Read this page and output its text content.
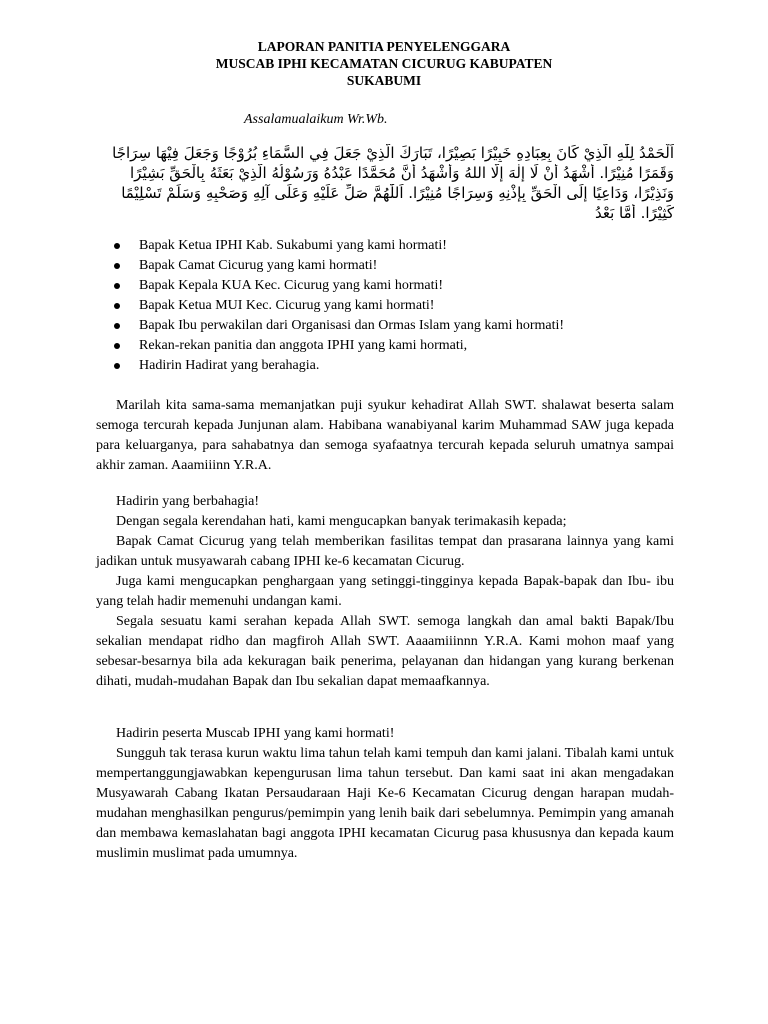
LAPORAN PANITIA PENYELENGGARA
MUSCAB IPHI KECAMATAN CICURUG KABUPATEN
SUKABUMI
Assalamualaikum Wr.Wb.
اَلْحَمْدُ لِلّٰهِ الَّذِيْ كَانَ بِعِبَادِهِ خَبِيْرًا بَصِيْرًا، تَبَارَكَ الَّذِيْ جَعَلَ فِي السَّمَاءِ بُرُوْجًا وَجَعَلَ فِيْهَا سِرَاجًا
وَقَمَرًا مُنِيْرًا. أَشْهَدُ أَنْ لَا إِلٰهَ إِلَّا اللهُ وَأَشْهَدُ أَنَّ مُحَمَّدًا عَبْدُهُ وَرَسُوْلُهُ الَّذِيْ بَعَثَهُ بِالْحَقِّ بَشِيْرًا
وَنَذِيْرًا، وَدَاعِيًا إِلَى الْحَقِّ بِإِذْنِهِ وَسِرَاجًا مُنِيْرًا. اَللّٰهُمَّ صَلِّ عَلَيْهِ وَعَلَى آلِهِ وَصَحْبِهِ وَسَلِّمْ تَسْلِيْمًا
كَثِيْرًا. أَمَّا بَعْدُ
Bapak Ketua IPHI Kab. Sukabumi yang kami hormati!
Bapak Camat Cicurug yang kami hormati!
Bapak Kepala KUA Kec. Cicurug yang kami hormati!
Bapak Ketua MUI Kec. Cicurug yang kami hormati!
Bapak Ibu perwakilan dari Organisasi dan Ormas Islam yang kami hormati!
Rekan-rekan panitia dan anggota IPHI yang kami hormati,
Hadirin Hadirat yang berahagia.

Marilah kita sama-sama memanjatkan puji syukur kehadirat Allah SWT. shalawat beserta salam semoga tercurah kepada Junjunan alam. Habibana wanabiyanal karim Muhammad SAW juga kepada para keluarganya, para sahabatnya dan semoga syafaatnya tercurah kepada seluruh umatnya sampai akhir zaman. Aaamiiinn Y.R.A.

Hadirin yang berbahagia!

Dengan segala kerendahan hati, kami mengucapkan banyak terimakasih kepada;

Bapak Camat Cicurug yang telah memberikan fasilitas tempat dan prasarana lainnya yang kami jadikan untuk musyawarah cabang IPHI ke-6 kecamatan Cicurug.

Juga kami mengucapkan penghargaan yang setinggi-tingginya kepada Bapak-bapak dan Ibu- ibu yang telah hadir memenuhi undangan kami.

Segala sesuatu kami serahan kepada Allah SWT. semoga langkah dan amal bakti Bapak/Ibu sekalian mendapat ridho dan magfiroh Allah SWT. Aaaamiiinnn Y.R.A. Kami mohon maaf yang sebesar-besarnya bila ada kekuragan baik penerima, pelayanan dan hidangan yang kurang berkenan dihati, mudah-mudahan Bapak dan Ibu sekalian dapat memaafkannya.

Hadirin peserta Muscab IPHI yang kami hormati!

Sungguh tak terasa kurun waktu lima tahun telah kami tempuh dan kami jalani. Tibalah kami untuk mempertanggungjawabkan kepengurusan lima tahun tersebut. Dan kami saat ini akan mengadakan Musyawarah Cabang Ikatan Persaudaraan Haji Ke-6 Kecamatan Cicurug dengan harapan mudah-mudahan menghasilkan pengurus/pemimpin yang lenih baik dari sebelumnya. Pemimpin yang amanah dan membawa kemaslahatan bagi anggota IPHI kecamatan Cicurug pasa khususnya dan kepada kaum muslimin muslimat pada umumnya.
